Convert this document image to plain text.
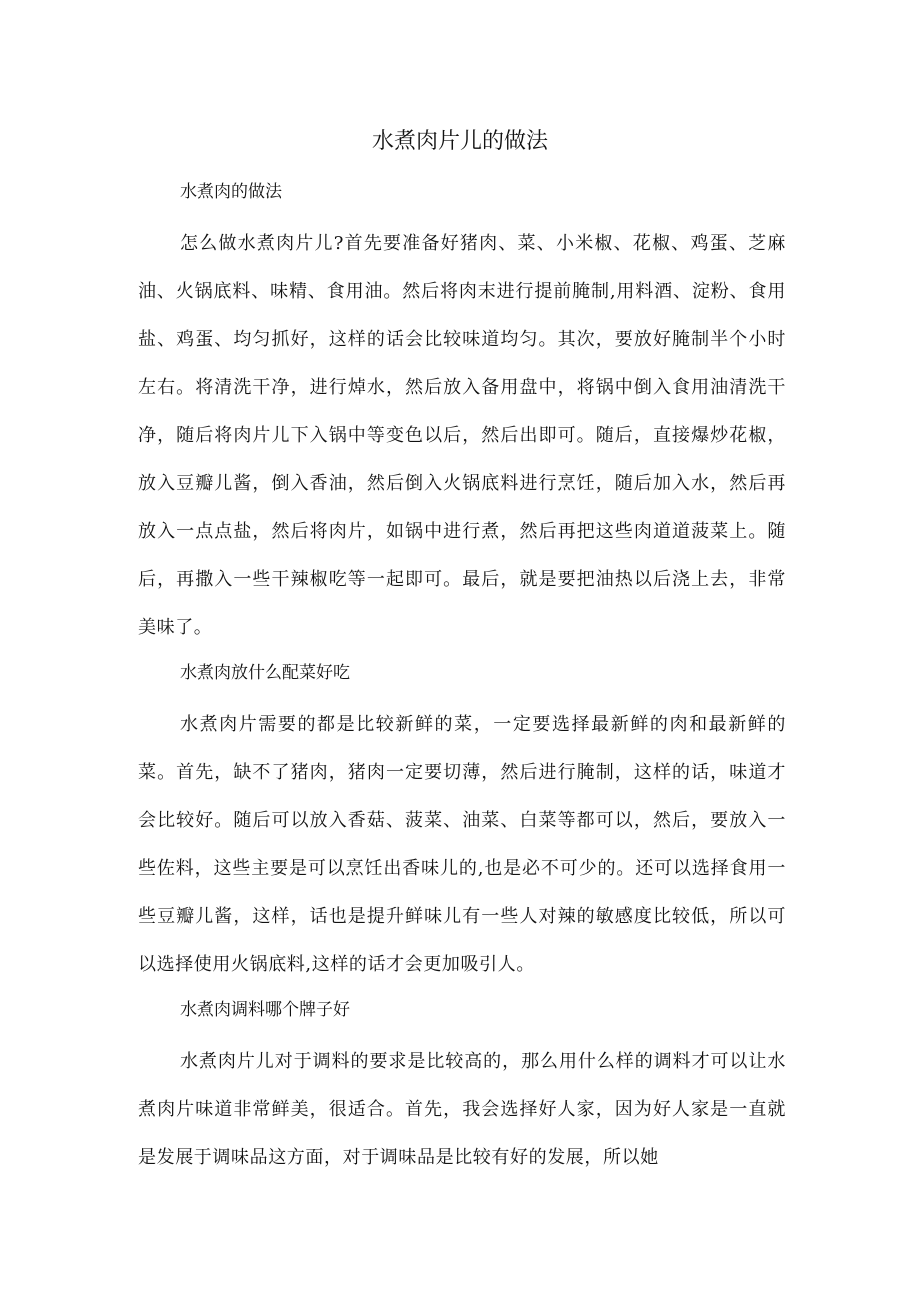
水煮肉片儿的做法

水煮肉的做法

怎么做水煮肉片儿?首先要准备好猪肉、菜、小米椒、花椒、鸡蛋、芝麻油、火锅底料、味精、食用油。然后将肉末进行提前腌制,用料酒、淀粉、食用盐、鸡蛋、均匀抓好，这样的话会比较味道均匀。其次，要放好腌制半个小时左右。将清洗干净，进行焯水，然后放入备用盘中，将锅中倒入食用油清洗干净，随后将肉片儿下入锅中等变色以后，然后出即可。随后，直接爆炒花椒，放入豆瓣儿酱，倒入香油，然后倒入火锅底料进行烹饪，随后加入水，然后再放入一点点盐，然后将肉片，如锅中进行煮，然后再把这些肉道道菠菜上。随后，再撒入一些干辣椒吃等一起即可。最后，就是要把油热以后浇上去，非常美味了。

水煮肉放什么配菜好吃

水煮肉片需要的都是比较新鲜的菜，一定要选择最新鲜的肉和最新鲜的菜。首先，缺不了猪肉，猪肉一定要切薄，然后进行腌制，这样的话，味道才会比较好。随后可以放入香菇、菠菜、油菜、白菜等都可以，然后，要放入一些佐料，这些主要是可以烹饪出香味儿的,也是必不可少的。还可以选择食用一些豆瓣儿酱，这样，话也是提升鲜味儿有一些人对辣的敏感度比较低，所以可以选择使用火锅底料,这样的话才会更加吸引人。

水煮肉调料哪个牌子好

水煮肉片儿对于调料的要求是比较高的，那么用什么样的调料才可以让水煮肉片味道非常鲜美，很适合。首先，我会选择好人家，因为好人家是一直就是发展于调味品这方面，对于调味品是比较有好的发展，所以她
